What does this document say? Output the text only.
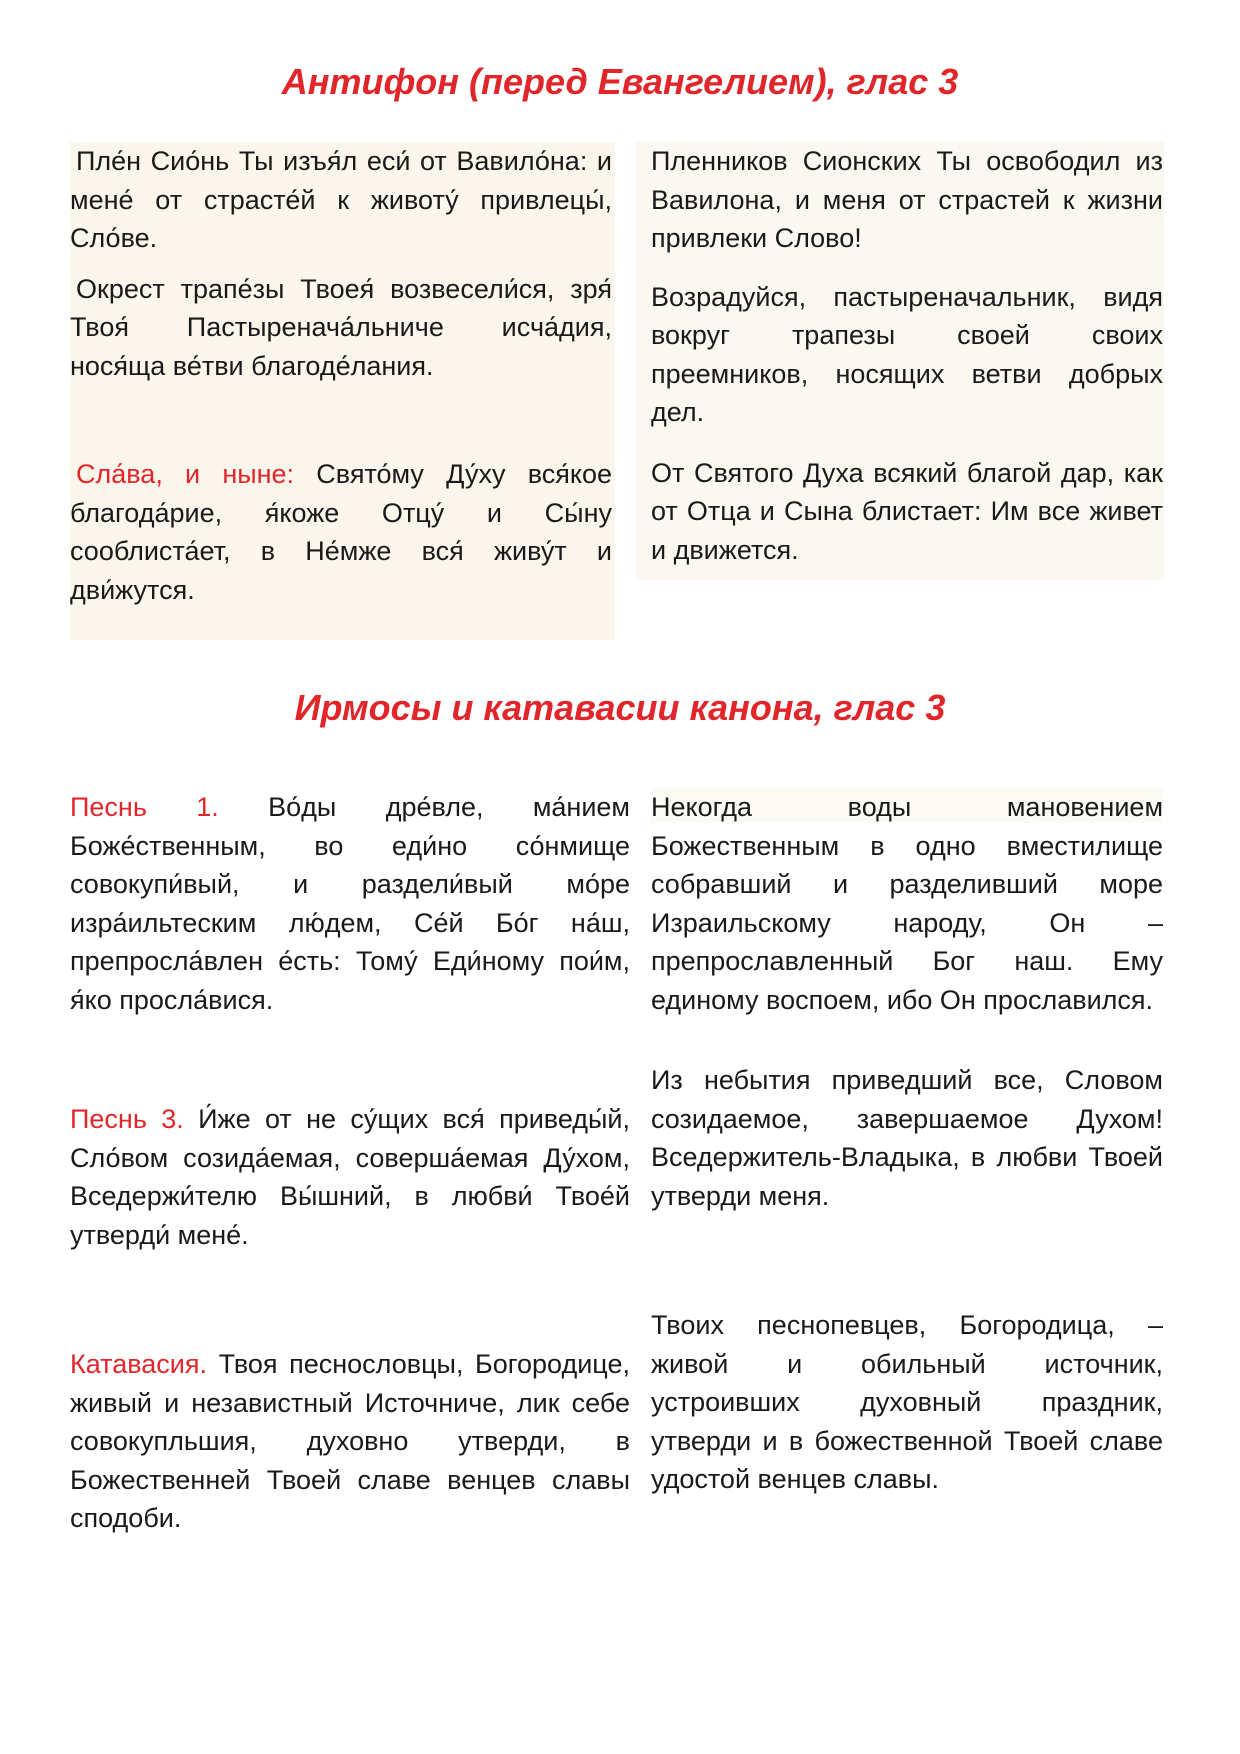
Антифон (перед Евангелием), глас 3

Пле́н Сио́нь Ты изъя́л еси́ от Вавило́на: и мене́ от страсте́й к животу́ привлецы́, Сло́ве.

Окрест трапе́зы Твоея́ возвесели́ся, зря́ Твоя́ Пастыренача́льниче исча́дия, нося́ща ве́тви благоде́лания.

Сла́ва, и ныне: Свято́му Ду́ху вся́кое благода́рие, я́коже Отцу́ и Сы́ну сооблиста́ет, в Не́мже вся́ живу́т и дви́жутся.

Пленников Сионских Ты освободил из Вавилона, и меня от страстей к жизни привлеки Слово!

Возрадуйся, пастыреначальник, видя вокруг трапезы своей своих преемников, носящих ветви добрых дел.

От Святого Духа всякий благой дар, как от Отца и Сына блистает: Им все живет и движется.

Ирмосы и катавасии канона, глас 3

Песнь 1. Во́ды дре́вле, ма́нием Боже́ственным, во еди́но со́нмище совокупи́вый, и раздели́вый мо́ре изра́ильтеским лю́дем, Се́й Бо́г на́ш, препросла́влен е́сть: Тому́ Еди́ному пои́м, я́ко просла́вися.

Песнь 3. И́же от не су́щих вся́ приведы́й, Сло́вом созида́емая, соверша́емая Ду́хом, Вседержи́телю Вы́шний, в любви́ Твое́й утверди́ мене́.

Катавасия. Твоя песнословцы, Богородице, живый и независтный Источниче, лик себе совокупльшия, духовно утверди, в Божественней Твоей славе венцев славы сподоби.

Некогда воды мановением Божественным в одно вместилище собравший и разделивший море Израильскому народу, Он – препрославленный Бог наш. Ему единому воспоем, ибо Он прославился.

Из небытия приведший все, Словом созидаемое, завершаемое Духом! Вседержитель-Владыка, в любви Твоей утверди меня.

Твоих песнопевцев, Богородица, – живой и обильный источник, устроивших духовный праздник, утверди и в божественной Твоей славе удостой венцев славы.
